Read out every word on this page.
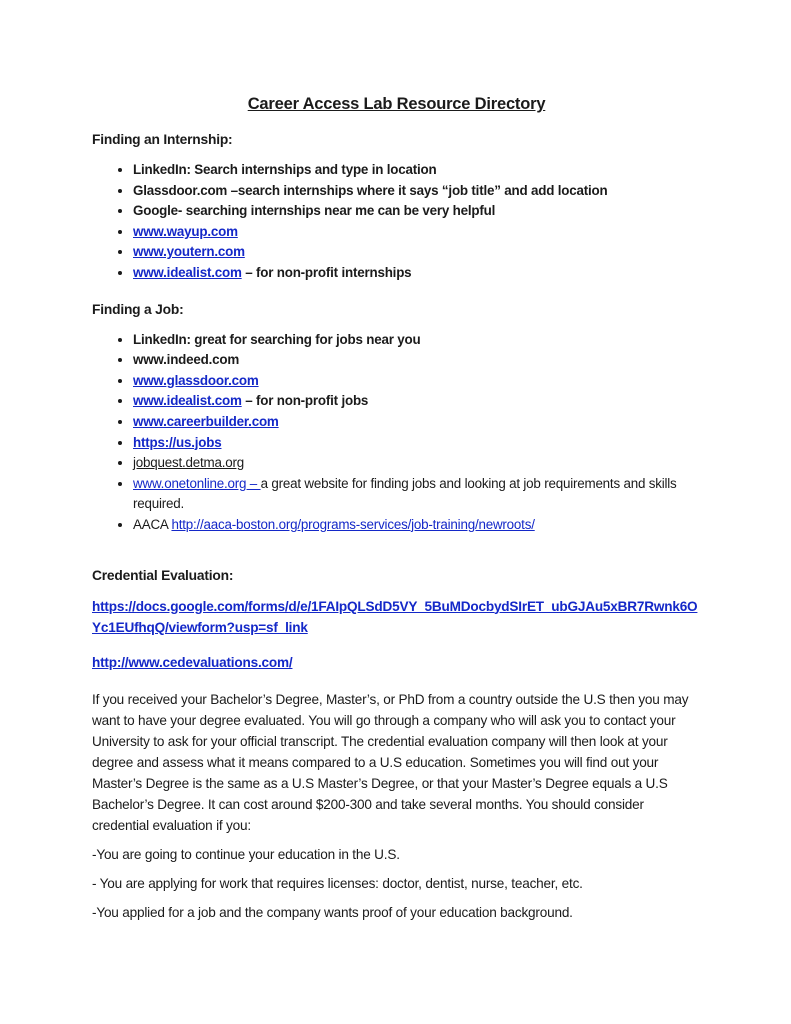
Career Access Lab Resource Directory
Finding an Internship:
• LinkedIn: Search internships and type in location
• Glassdoor.com –search internships where it says “job title” and add location
• Google- searching internships near me can be very helpful
• www.wayup.com
• www.youtern.com
• www.idealist.com – for non-profit internships
Finding a Job:
• LinkedIn: great for searching for jobs near you
• www.indeed.com
• www.glassdoor.com
• www.idealist.com – for non-profit jobs
• www.careerbuilder.com
• https://us.jobs
• jobquest.detma.org
• www.onetonline.org – a great website for finding jobs and looking at job requirements and skills required.
• AACA http://aaca-boston.org/programs-services/job-training/newroots/
Credential Evaluation:
https://docs.google.com/forms/d/e/1FAIpQLSdD5VY_5BuMDocbydSIrET_ubGJAu5xBR7Rwnk6OYc1EUfhqQ/viewform?usp=sf_link
http://www.cedevaluations.com/

If you received your Bachelor’s Degree, Master’s, or PhD from a country outside the U.S then you may want to have your degree evaluated. You will go through a company who will ask you to contact your University to ask for your official transcript. The credential evaluation company will then look at your degree and assess what it means compared to a U.S education. Sometimes you will find out your Master’s Degree is the same as a U.S Master’s Degree, or that your Master’s Degree equals a U.S Bachelor’s Degree. It can cost around $200-300 and take several months. You should consider credential evaluation if you:

-You are going to continue your education in the U.S.

- You are applying for work that requires licenses: doctor, dentist, nurse, teacher, etc.

-You applied for a job and the company wants proof of your education background.
